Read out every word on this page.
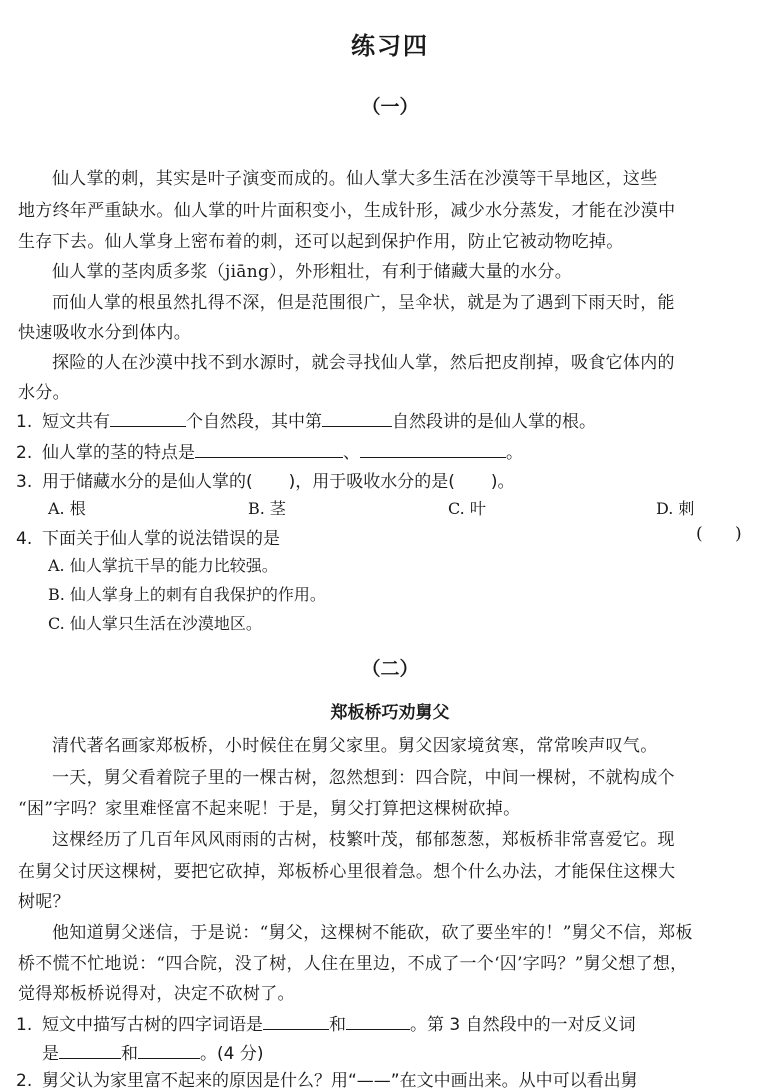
练习四
（一）
仙人掌的刺，其实是叶子演变而成的。仙人掌大多生活在沙漠等干旱地区，这些
地方终年严重缺水。仙人掌的叶片面积变小，生成针形，减少水分蒸发，才能在沙漠中
生存下去。仙人掌身上密布着的刺，还可以起到保护作用，防止它被动物吃掉。
仙人掌的茎肉质多浆（jiāng），外形粗壮，有利于储藏大量的水分。
而仙人掌的根虽然扎得不深，但是范围很广，呈伞状，就是为了遇到下雨天时，能
快速吸收水分到体内。
探险的人在沙漠中找不到水源时，就会寻找仙人掌，然后把皮削掉，吸食它体内的
水分。
1. 短文共有	个自然段，其中第	自然段讲的是仙人掌的根。
2. 仙人掌的茎的特点是	、	。
3. 用于储藏水分的是仙人掌的( )，用于吸收水分的是( )。
A. 根	B. 茎	C. 叶	D. 刺
4. 下面关于仙人掌的说法错误的是	(      )
A. 仙人掌抗干旱的能力比较强。
B. 仙人掌身上的刺有自我保护的作用。
C. 仙人掌只生活在沙漠地区。
（二）
郑板桥巧劝舅父
清代著名画家郑板桥，小时候住在舅父家里。舅父因家境贫寒，常常唉声叹气。
一天，舅父看着院子里的一棵古树，忽然想到：四合院，中间一棵树，不就构成个
“困”字吗？家里难怪富不起来呢！于是，舅父打算把这棵树砍掉。
这棵经历了几百年风风雨雨的古树，枝繁叶茂，郁郁葱葱，郑板桥非常喜爱它。现
在舅父讨厌这棵树，要把它砍掉，郑板桥心里很着急。想个什么办法，才能保住这棵大
树呢？
他知道舅父迷信，于是说：“舅父，这棵树不能砍，砍了要坐牢的！”舅父不信，郑板
桥不慌不忙地说：“四合院，没了树，人住在里边，不成了一个‘囚’字吗？”舅父想了想，
觉得郑板桥说得对，决定不砍树了。
1. 短文中描写古树的四字词语是	和	。第 3 自然段中的一对反义词
是	和	。(4 分)
2. 舅父认为家里富不起来的原因是什么？用“——”在文中画出来。从中可以看出舅
